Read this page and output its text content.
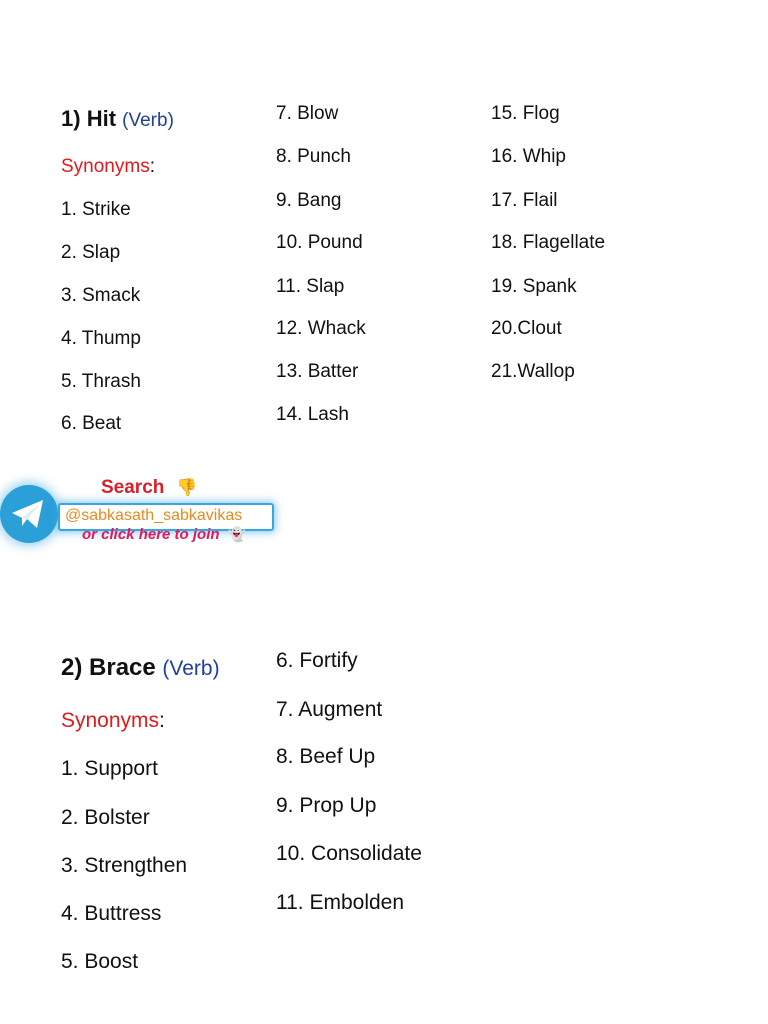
1) Hit (Verb)
Synonyms:
1. Strike
2. Slap
3. Smack
4. Thump
5. Thrash
6. Beat
7. Blow
8. Punch
9. Bang
10. Pound
11. Slap
12. Whack
13. Batter
14. Lash
15. Flog
16. Whip
17. Flail
18. Flagellate
19. Spank
20.Clout
21.Wallop
Search 👎
@sabkasath_sabkavikas
or click here to join 👻
2) Brace (Verb)
Synonyms:
1. Support
2. Bolster
3. Strengthen
4. Buttress
5. Boost
6. Fortify
7. Augment
8. Beef Up
9. Prop Up
10. Consolidate
11. Embolden
